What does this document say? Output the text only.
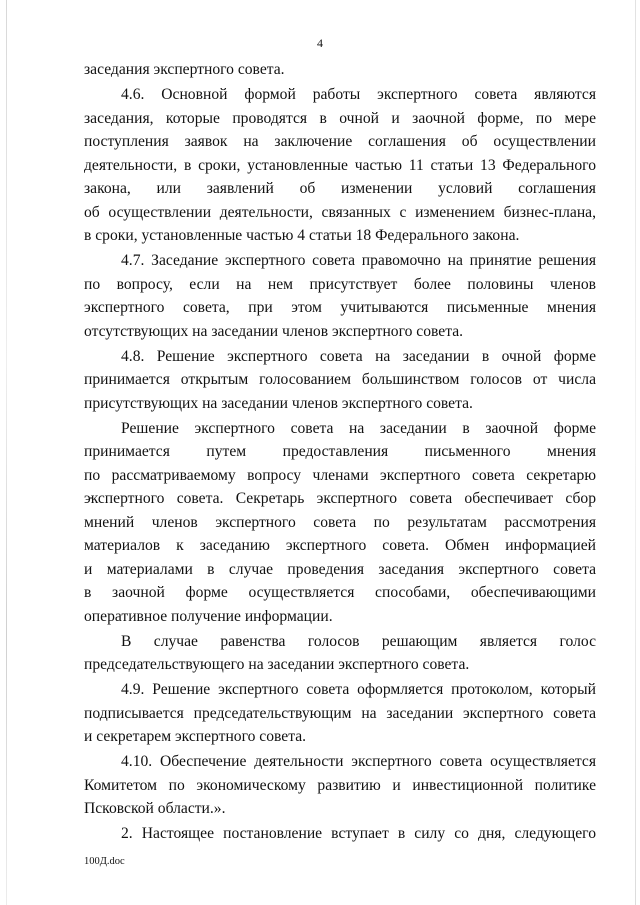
4
заседания экспертного совета.
4.6. Основной формой работы экспертного совета являются
заседания, которые проводятся в очной и заочной форме, по мере
поступления заявок на заключение соглашения об осуществлении
деятельности, в сроки, установленные частью 11 статьи 13 Федерального
закона, или заявлений об изменении условий соглашения
об осуществлении деятельности, связанных с изменением бизнес-плана,
в сроки, установленные частью 4 статьи 18 Федерального закона.
4.7. Заседание экспертного совета правомочно на принятие решения
по вопросу, если на нем присутствует более половины членов
экспертного совета, при этом учитываются письменные мнения
отсутствующих на заседании членов экспертного совета.
4.8. Решение экспертного совета на заседании в очной форме
принимается открытым голосованием большинством голосов от числа
присутствующих на заседании членов экспертного совета.
Решение экспертного совета на заседании в заочной форме
принимается путем предоставления письменного мнения
по рассматриваемому вопросу членами экспертного совета секретарю
экспертного совета. Секретарь экспертного совета обеспечивает сбор
мнений членов экспертного совета по результатам рассмотрения
материалов к заседанию экспертного совета. Обмен информацией
и материалами в случае проведения заседания экспертного совета
в заочной форме осуществляется способами, обеспечивающими
оперативное получение информации.
В случае равенства голосов решающим является голос
председательствующего на заседании экспертного совета.
4.9. Решение экспертного совета оформляется протоколом, который
подписывается председательствующим на заседании экспертного совета
и секретарем экспертного совета.
4.10. Обеспечение деятельности экспертного совета осуществляется
Комитетом по экономическому развитию и инвестиционной политике
Псковской области.».
2. Настоящее постановление вступает в силу со дня, следующего
100Д.doc
